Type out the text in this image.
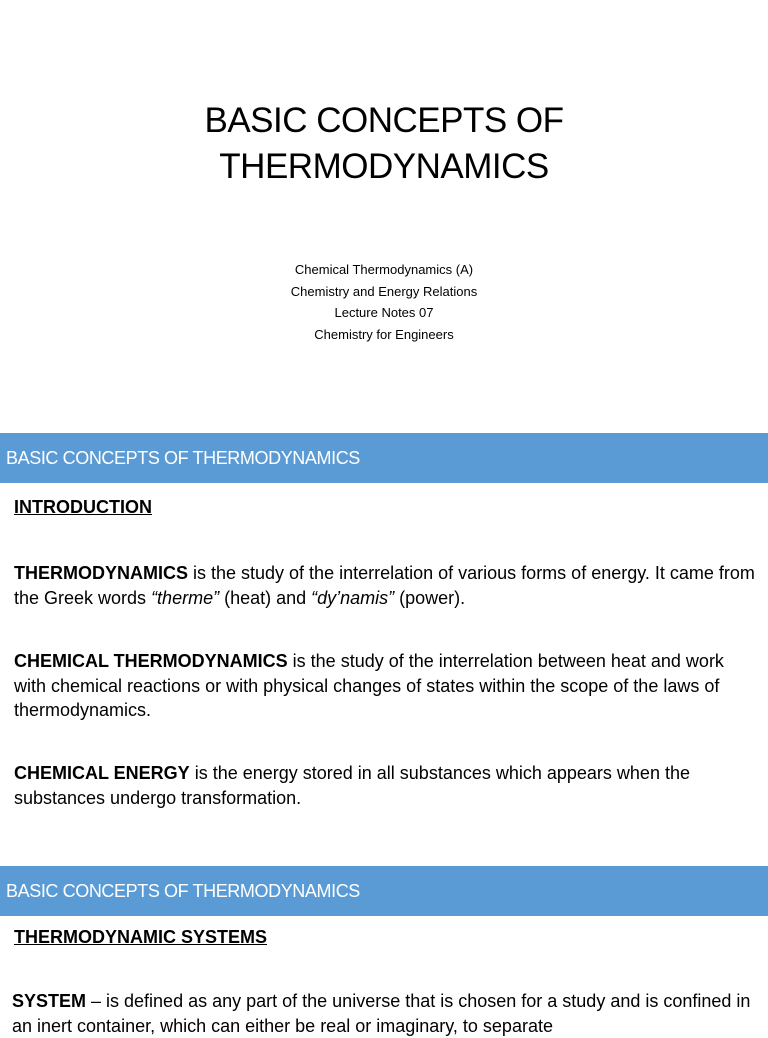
BASIC CONCEPTS OF
THERMODYNAMICS
Chemical Thermodynamics (A)
Chemistry and Energy Relations
Lecture Notes 07
Chemistry for Engineers
BASIC CONCEPTS OF THERMODYNAMICS
INTRODUCTION
THERMODYNAMICS is the study of the interrelation of various forms of energy. It came from the Greek words “therme” (heat) and “dy’namis” (power).
CHEMICAL THERMODYNAMICS is the study of the interrelation between heat and work with chemical reactions or with physical changes of states within the scope of the laws of thermodynamics.
CHEMICAL ENERGY is the energy stored in all substances which appears when the substances undergo transformation.
BASIC CONCEPTS OF THERMODYNAMICS
THERMODYNAMIC SYSTEMS
SYSTEM – is defined as any part of the universe that is chosen for a study and is confined in an inert container, which can either be real or imaginary, to separate
